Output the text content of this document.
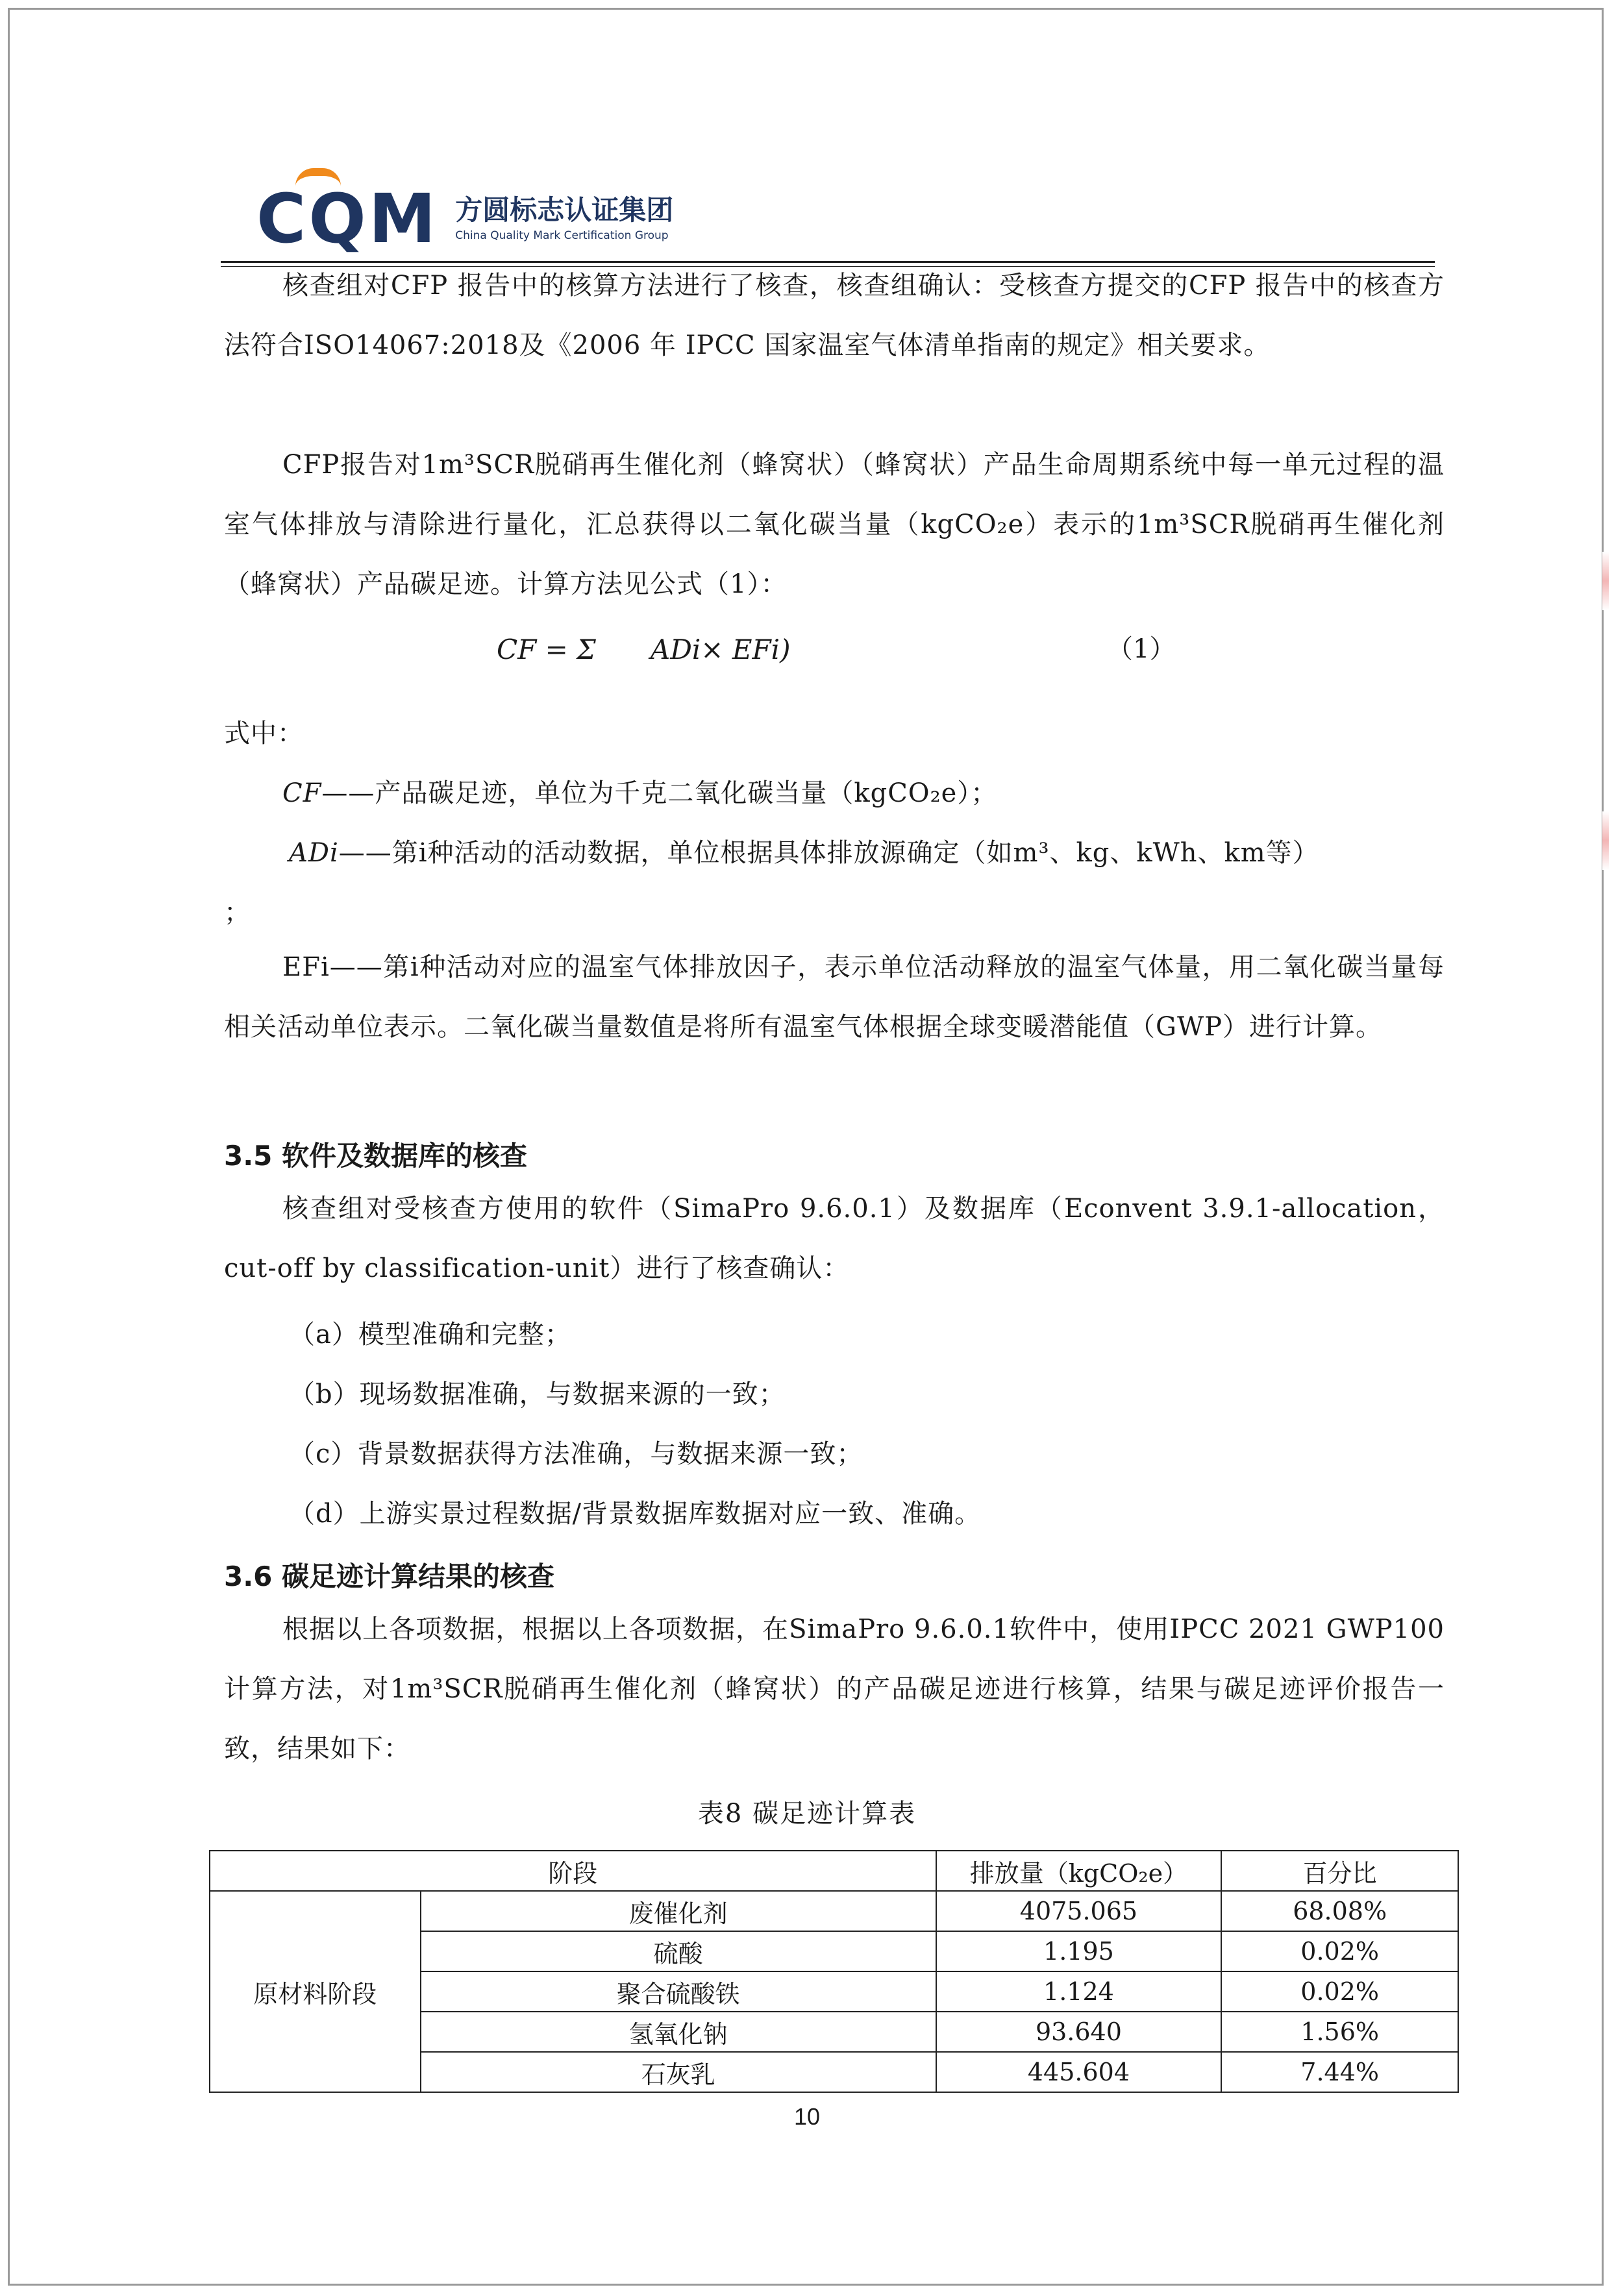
CQM 方圆标志认证集团
China Quality Mark Certification Group
核查组对CFP 报告中的核算方法进行了核查，核查组确认：受核查方提交的CFP 报告中的核查方法符合ISO14067:2018及《2006 年 IPCC 国家温室气体清单指南的规定》相关要求。
CFP报告对1m³SCR脱硝再生催化剂（蜂窝状）（蜂窝状）产品生命周期系统中每一单元过程的温室气体排放与清除进行量化，汇总获得以二氧化碳当量（kgCO₂e）表示的1m³SCR脱硝再生催化剂（蜂窝状）产品碳足迹。计算方法见公式（1）：
CF = Σ　　ADi× EFi)	（1）
式中：
CF——产品碳足迹，单位为千克二氧化碳当量（kgCO₂e）；
ADi——第i种活动的活动数据，单位根据具体排放源确定（如m³、kg、kWh、km等）
；
EFi——第i种活动对应的温室气体排放因子，表示单位活动释放的温室气体量，用二氧化碳当量每相关活动单位表示。二氧化碳当量数值是将所有温室气体根据全球变暖潜能值（GWP）进行计算。
3.5 软件及数据库的核查
核查组对受核查方使用的软件（SimaPro 9.6.0.1）及数据库（Econvent 3.9.1-allocation，cut-off by classification-unit）进行了核查确认：
（a）模型准确和完整；
（b）现场数据准确，与数据来源的一致；
（c）背景数据获得方法准确，与数据来源一致；
（d）上游实景过程数据/背景数据库数据对应一致、准确。
3.6 碳足迹计算结果的核查
根据以上各项数据，根据以上各项数据，在SimaPro 9.6.0.1软件中，使用IPCC 2021 GWP100计算方法，对1m³SCR脱硝再生催化剂（蜂窝状）的产品碳足迹进行核算，结果与碳足迹评价报告一致，结果如下：
表8 碳足迹计算表
阶段		排放量（kgCO₂e）	百分比
原材料阶段	废催化剂	4075.065	68.08%
	硫酸	1.195	0.02%
	聚合硫酸铁	1.124	0.02%
	氢氧化钠	93.640	1.56%
	石灰乳	445.604	7.44%
10
